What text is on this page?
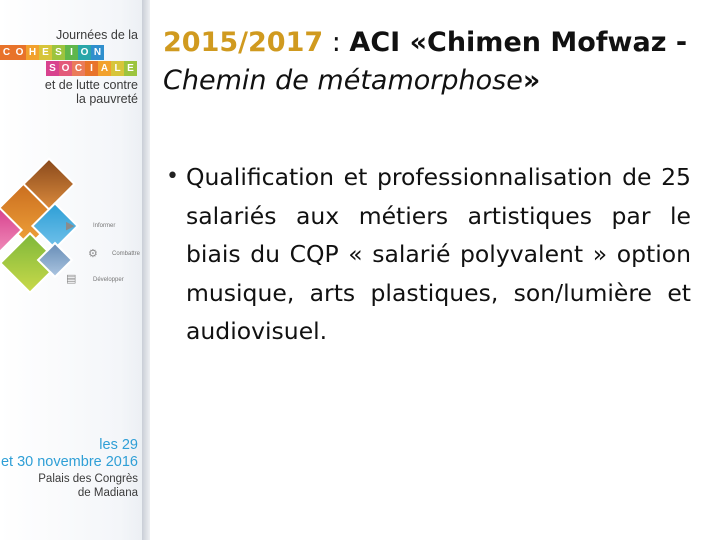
Journées de la
C O H E S I O N
S O C I A L E
et de lutte contre
la pauvreté
▶	Informer
⚙ Combattre
▤	Développer
les 29
et 30 novembre 2016
Palais des Congrès
de Madiana
2015/2017 : ACI «Chimen Mofwaz - Chemin de métamorphose»
• Qualification et professionnalisation de 25 salariés aux métiers artistiques par le biais du CQP « salarié polyvalent » option musique, arts plastiques, son/lumière et audiovisuel.
